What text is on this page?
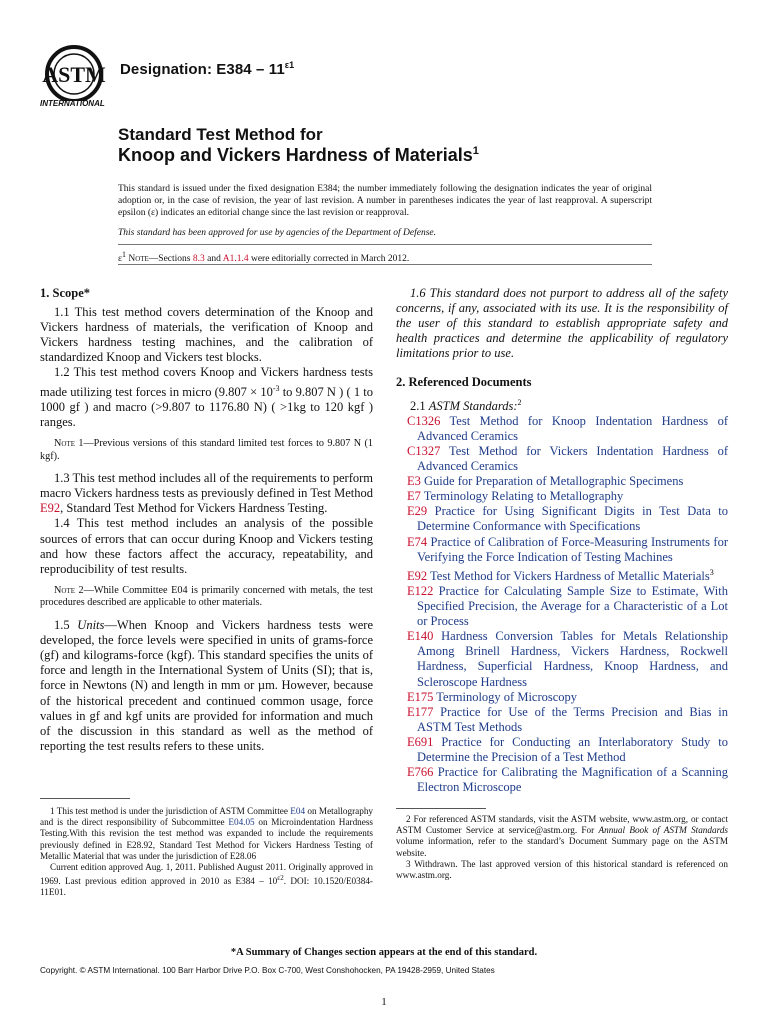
ASTM
INTERNATIONAL
Designation: $E384 - 11^{\varepsilon 1}$
Standard Test Method for
Knoop and Vickers Hardness of Materials$^1$
This standard is issued under the fixed designation E384; the number immediately following the designation indicates the year of original adoption or, in the case of revision, the year of last revision. A number in parentheses indicates the year of last reapproval. A superscript epsilon (ε) indicates an editorial change since the last revision or reapproval.
This standard has been approved for use by agencies of the Department of Defense.
$\varepsilon^1$ Note—Sections 8.3 and A1.1.4 were editorially corrected in March 2012.
1. Scope*

1.1 This test method covers determination of the Knoop and Vickers hardness of materials, the verification of Knoop and Vickers hardness testing machines, and the calibration of standardized Knoop and Vickers test blocks.

1.2 This test method covers Knoop and Vickers hardness tests made utilizing test forces in micro ($9.807 \times 10^{-3}$ to 9.807 N ) ( 1 to 1000 gf ) and macro (>9.807 to 1176.80 N) ( >1kg to 120 kgf ) ranges.

Note 1—Previous versions of this standard limited test forces to 9.807 N (1 kgf).

1.3 This test method includes all of the requirements to perform macro Vickers hardness tests as previously defined in Test Method E92, Standard Test Method for Vickers Hardness Testing.

1.4 This test method includes an analysis of the possible sources of errors that can occur during Knoop and Vickers testing and how these factors affect the accuracy, repeatability, and reproducibility of test results.

Note 2—While Committee E04 is primarily concerned with metals, the test procedures described are applicable to other materials.

1.5 Units—When Knoop and Vickers hardness tests were developed, the force levels were specified in units of grams-force (gf) and kilograms-force (kgf). This standard specifies the units of force and length in the International System of Units (SI); that is, force in Newtons (N) and length in mm or µm. However, because of the historical precedent and continued common usage, force values in gf and kgf units are provided for information and much of the discussion in this standard as well as the method of reporting the test results refers to these units.

1.6 This standard does not purport to address all of the safety concerns, if any, associated with its use. It is the responsibility of the user of this standard to establish appropriate safety and health practices and determine the applicability of regulatory limitations prior to use.

2. Referenced Documents

2.1 ASTM Standards:$^2$

C1326 Test Method for Knoop Indentation Hardness of Advanced Ceramics
C1327 Test Method for Vickers Indentation Hardness of Advanced Ceramics
E3 Guide for Preparation of Metallographic Specimens
E7 Terminology Relating to Metallography
E29 Practice for Using Significant Digits in Test Data to Determine Conformance with Specifications
E74 Practice of Calibration of Force-Measuring Instruments for Verifying the Force Indication of Testing Machines
E92 Test Method for Vickers Hardness of Metallic Materials$^3$
E122 Practice for Calculating Sample Size to Estimate, With Specified Precision, the Average for a Characteristic of a Lot or Process
E140 Hardness Conversion Tables for Metals Relationship Among Brinell Hardness, Vickers Hardness, Rockwell Hardness, Superficial Hardness, Knoop Hardness, and Scleroscope Hardness
E175 Terminology of Microscopy
E177 Practice for Use of the Terms Precision and Bias in ASTM Test Methods
E691 Practice for Conducting an Interlaboratory Study to Determine the Precision of a Test Method
E766 Practice for Calibrating the Magnification of a Scanning Electron Microscope

1 This test method is under the jurisdiction of ASTM Committee E04 on Metallography and is the direct responsibility of Subcommittee E04.05 on Microindentation Hardness Testing.With this revision the test method was expanded to include the requirements previously defined in E28.92, Standard Test Method for Vickers Hardness Testing of Metallic Material that was under the jurisdiction of E28.06

Current edition approved Aug. 1, 2011. Published August 2011. Originally approved in 1969. Last previous edition approved in 2010 as $E384 - 10^{\varepsilon 2}$. DOI: 10.1520/E0384-11E01.

2 For referenced ASTM standards, visit the ASTM website, www.astm.org, or contact ASTM Customer Service at service@astm.org. For Annual Book of ASTM Standards volume information, refer to the standard’s Document Summary page on the ASTM website.

3 Withdrawn. The last approved version of this historical standard is referenced on www.astm.org.

*A Summary of Changes section appears at the end of this standard.
Copyright. © ASTM International. 100 Barr Harbor Drive P.O. Box C-700, West Conshohocken, PA 19428-2959, United States
1
